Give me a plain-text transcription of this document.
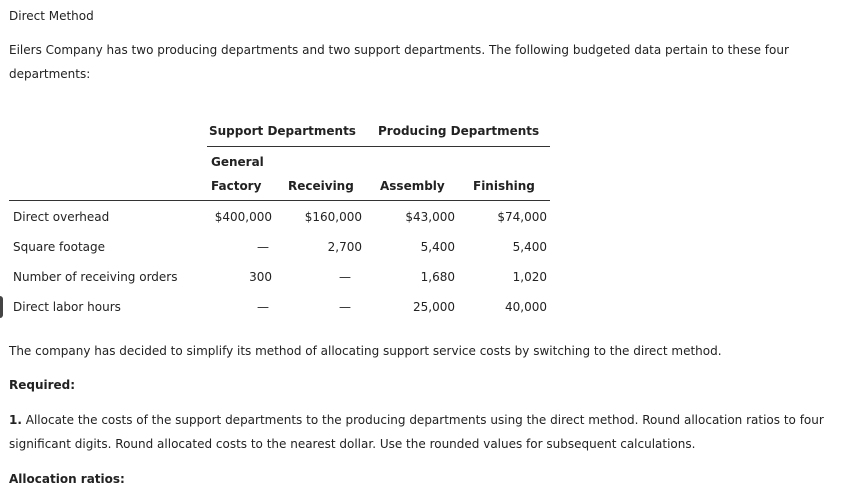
Direct Method
Eilers Company has two producing departments and two support departments. The following budgeted data pertain to these four departments:
Support Departments Producing Departments
General
Factory Receiving Assembly Finishing
Direct overhead	$400,000	$160,000	$43,000	$74,000
Square footage	—	2,700	5,400	5,400
Number of receiving orders	300	—	1,680	1,020
Direct labor hours	—	—	25,000	40,000
The company has decided to simplify its method of allocating support service costs by switching to the direct method.
Required:
1. Allocate the costs of the support departments to the producing departments using the direct method. Round allocation ratios to four significant digits. Round allocated costs to the nearest dollar. Use the rounded values for subsequent calculations.
Allocation ratios:
